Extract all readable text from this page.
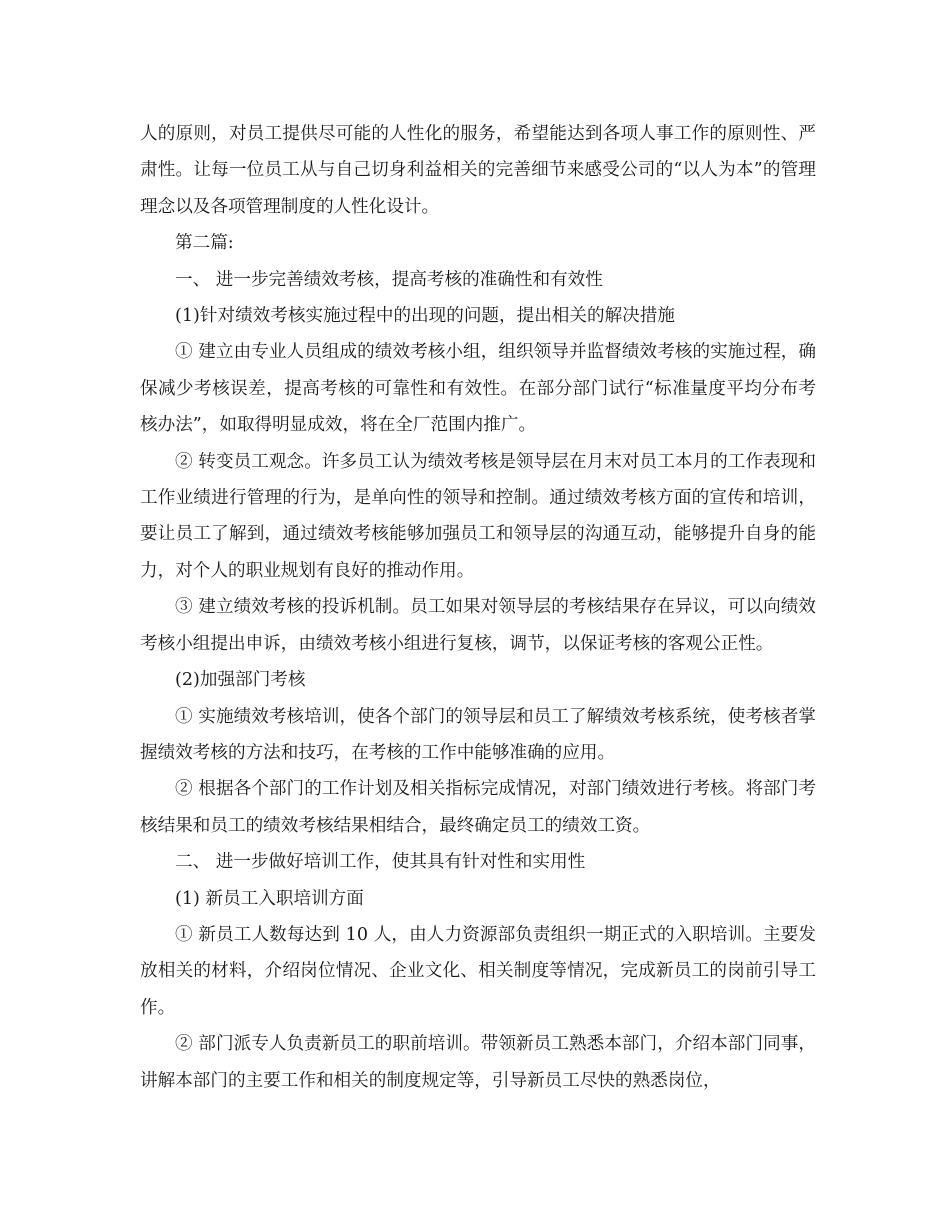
人的原则，对员工提供尽可能的人性化的服务，希望能达到各项人事工作的原则性、严肃性。让每一位员工从与自己切身利益相关的完善细节来感受公司的“以人为本”的管理理念以及各项管理制度的人性化设计。

第二篇:

一、 进一步完善绩效考核，提高考核的准确性和有效性

(1)针对绩效考核实施过程中的出现的问题，提出相关的解决措施

① 建立由专业人员组成的绩效考核小组，组织领导并监督绩效考核的实施过程，确保减少考核误差，提高考核的可靠性和有效性。在部分部门试行“标准量度平均分布考核办法”，如取得明显成效，将在全厂范围内推广。

② 转变员工观念。许多员工认为绩效考核是领导层在月末对员工本月的工作表现和工作业绩进行管理的行为，是单向性的领导和控制。通过绩效考核方面的宣传和培训，要让员工了解到，通过绩效考核能够加强员工和领导层的沟通互动，能够提升自身的能力，对个人的职业规划有良好的推动作用。

③ 建立绩效考核的投诉机制。员工如果对领导层的考核结果存在异议，可以向绩效考核小组提出申诉，由绩效考核小组进行复核，调节，以保证考核的客观公正性。

(2)加强部门考核

① 实施绩效考核培训，使各个部门的领导层和员工了解绩效考核系统，使考核者掌握绩效考核的方法和技巧，在考核的工作中能够准确的应用。

② 根据各个部门的工作计划及相关指标完成情况，对部门绩效进行考核。将部门考核结果和员工的绩效考核结果相结合，最终确定员工的绩效工资。

二、 进一步做好培训工作，使其具有针对性和实用性

(1) 新员工入职培训方面

① 新员工人数每达到 10 人，由人力资源部负责组织一期正式的入职培训。主要发放相关的材料，介绍岗位情况、企业文化、相关制度等情况，完成新员工的岗前引导工作。

② 部门派专人负责新员工的职前培训。带领新员工熟悉本部门，介绍本部门同事，讲解本部门的主要工作和相关的制度规定等，引导新员工尽快的熟悉岗位，
